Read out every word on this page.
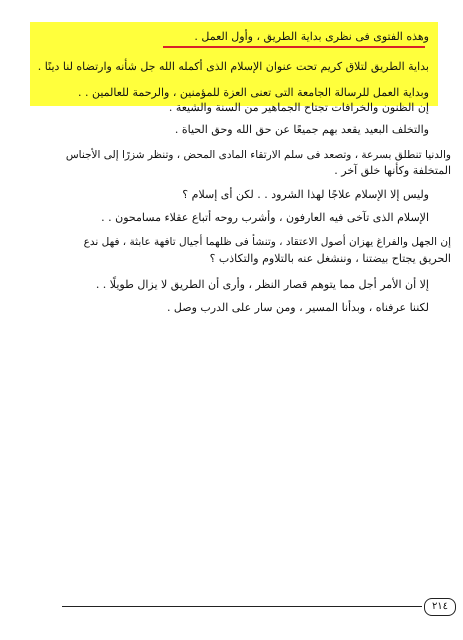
وهذه الفتوى فى نظرى بداية الطريق ، وأول العمل .
بداية الطريق لتلاق كريم تحت عنوان الإسلام الذى أكمله الله جل شأنه وارتضاه لنا دينًا .
وبداية العمل للرسالة الجامعة التى تعنى العزة للمؤمنين ، والرحمة للعالمين . .
إن الظنون والخرافات تجتاح الجماهير من السنة والشيعة .
والتخلف البعيد يقعد بهم جميعًا عن حق الله وحق الحياة .
والدنيا تنطلق بسرعة ، وتصعد فى سلم الارتقاء المادى المحض ، وتنظر شزرًا إلى الأجناس
المتخلفة وكأنها خلق آخر .
وليس إلا الإسلام علاجًا لهذا الشرود . . لكن أى إسلام ؟
الإسلام الذى تآخى فيه العارفون ، وأشرب روحه أتباع عقلاء مسامحون . .
إن الجهل والفراغ يهزان أصول الاعتقاد ، وتنشأ فى ظلهما أجيال تافهة عابثة ، فهل ندع
الحريق يجتاح بيضتنا ، وننشغل عنه بالتلاوم والتكاذب ؟
إلا أن الأمر أجل مما يتوهم قصار النظر ، وأرى أن الطريق لا يزال طويلًا . .
لكننا عرفناه ، وبدأنا المسير ، ومن سار على الدرب وصل .
٢١٤
